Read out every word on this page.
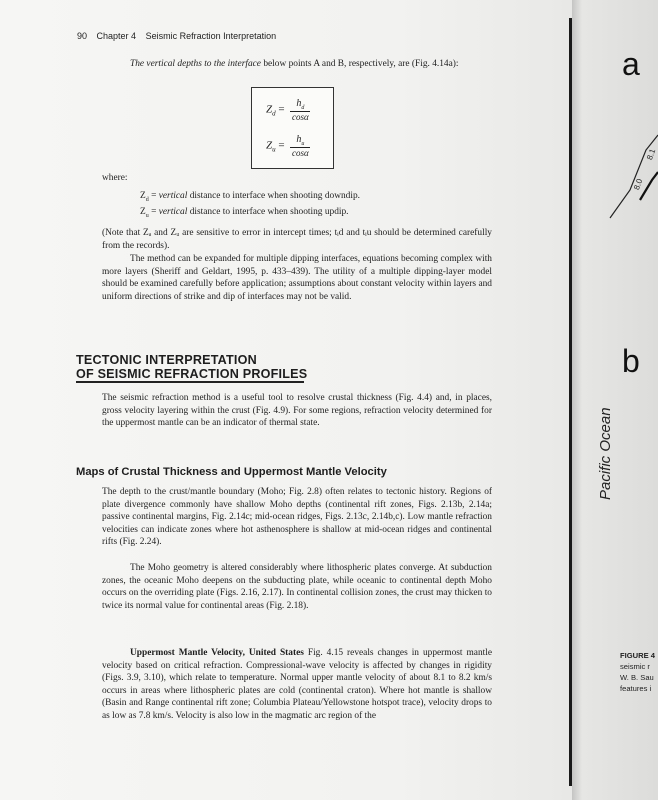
90 Chapter 4 Seismic Refraction Interpretation
The vertical depths to the interface below points A and B, respectively, are (Fig. 4.14a):
$Z_d = \frac{h_d}{\cos\alpha}$
$Z_u = \frac{h_u}{\cos\alpha}$
where:
$Z_d$ = vertical distance to interface when shooting downdip.
$Z_u$ = vertical distance to interface when shooting updip.
(Note that Zₐ and Zᵤ are sensitive to error in intercept times; tᵢd and tᵢu should be determined carefully from the records).
The method can be expanded for multiple dipping interfaces, equations becoming complex with more layers (Sheriff and Geldart, 1995, p. 433–439). The utility of a multiple dipping-layer model should be examined carefully before application; assumptions about constant velocity within layers and uniform directions of strike and dip of interfaces may not be valid.
TECTONIC INTERPRETATION
OF SEISMIC REFRACTION PROFILES
The seismic refraction method is a useful tool to resolve crustal thickness (Fig. 4.4) and, in places, gross velocity layering within the crust (Fig. 4.9). For some regions, refraction velocity determined for the uppermost mantle can be an indicator of thermal state.
Maps of Crustal Thickness and Uppermost Mantle Velocity
The depth to the crust/mantle boundary (Moho; Fig. 2.8) often relates to tectonic history. Regions of plate divergence commonly have shallow Moho depths (continental rift zones, Figs. 2.13b, 2.14a; passive continental margins, Fig. 2.14c; mid-ocean ridges, Figs. 2.13c, 2.14b,c). Low mantle refraction velocities can indicate zones where hot asthenosphere is shallow at mid-ocean ridges and continental rifts (Fig. 2.24).
The Moho geometry is altered considerably where lithospheric plates converge. At subduction zones, the oceanic Moho deepens on the subducting plate, while oceanic to continental depth Moho occurs on the overriding plate (Figs. 2.16, 2.17). In continental collision zones, the crust may thicken to twice its normal value for continental areas (Fig. 2.18).
Uppermost Mantle Velocity, United States Fig. 4.15 reveals changes in uppermost mantle velocity based on critical refraction. Compressional-wave velocity is affected by changes in rigidity (Figs. 3.9, 3.10), which relate to temperature. Normal upper mantle velocity of about 8.1 to 8.2 km/s occurs in areas where lithospheric plates are cold (continental craton). Where hot mantle is shallow (Basin and Range continental rift zone; Columbia Plateau/Yellowstone hotspot trace), velocity drops to as low as 7.8 km/s. Velocity is also low in the magmatic arc region of the
a
8.0
8.1
b
Pacific Ocean
FIGURE 4
seismic r
W. B. Sau
features i
